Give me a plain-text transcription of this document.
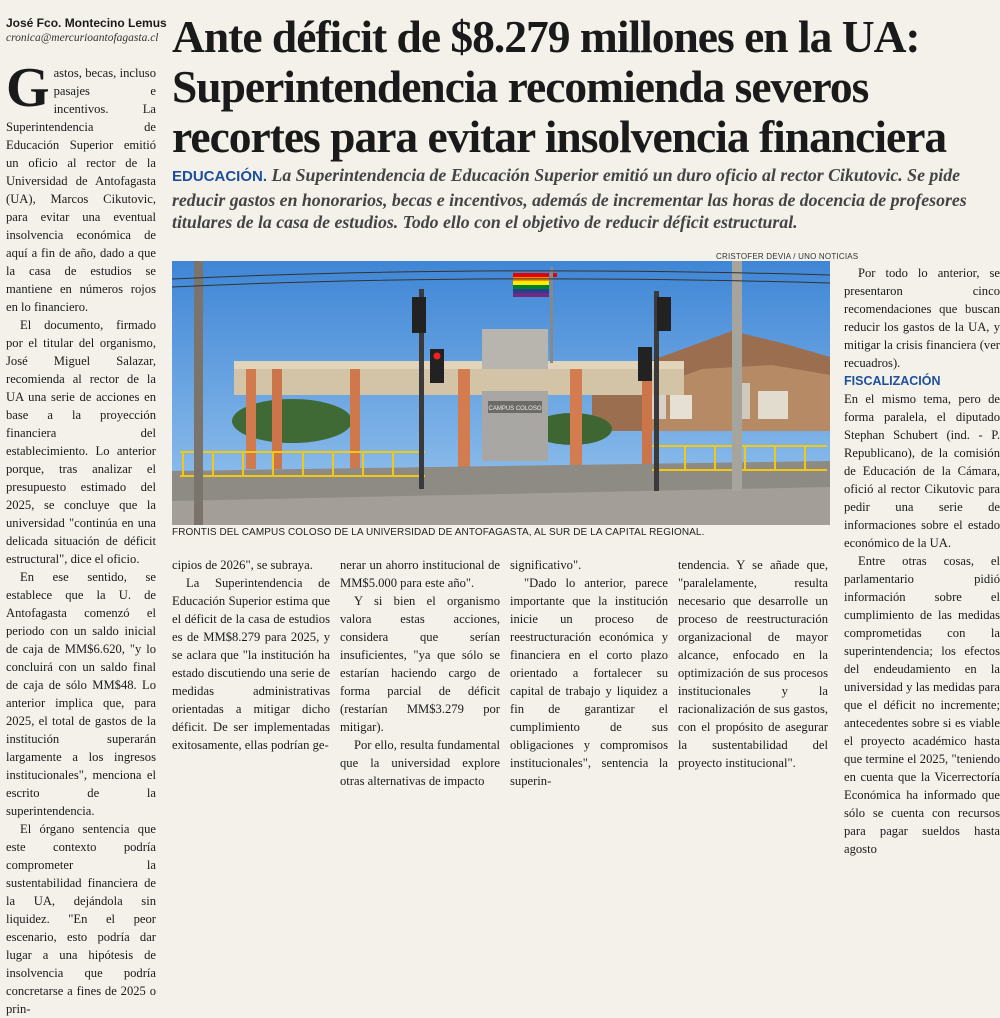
José Fco. Montecino Lemus
cronica@mercurioantofagasta.cl Ante déficit de $8.279 millones en la UA: Superintendencia recomienda severos recortes para evitar insolvencia financiera
EDUCACIÓN. La Superintendencia de Educación Superior emitió un duro oficio al rector Cikutovic. Se pide reducir gastos en honorarios, becas e incentivos, además de incrementar las horas de docencia de profesores titulares de la casa de estudios. Todo ello con el objetivo de reducir déficit estructural.
CRISTOFER DEVIA / UNO NOTICIAS
CAMPUS COLOSO
FRONTIS DEL CAMPUS COLOSO DE LA UNIVERSIDAD DE ANTOFAGASTA, AL SUR DE LA CAPITAL REGIONAL.
G astos, becas, incluso pasajes e incentivos. La Superintendencia de Educación Superior emitió un oficio al rector de la Universidad de Antofagasta (UA), Marcos Cikutovic, para evitar una eventual insolvencia económica de aquí a fin de año, dado a que la casa de estudios se mantiene en números rojos en lo financiero.

El documento, firmado por el titular del organismo, José Miguel Salazar, recomienda al rector de la UA una serie de acciones en base a la proyección financiera del establecimiento. Lo anterior porque, tras analizar el presupuesto estimado del 2025, se concluye que la universidad "continúa en una delicada situación de déficit estructural", dice el oficio.

En ese sentido, se establece que la U. de Antofagasta comenzó el periodo con un saldo inicial de caja de MM$6.620, "y lo concluirá con un saldo final de caja de sólo MM$48. Lo anterior implica que, para 2025, el total de gastos de la institución superarán largamente a los ingresos institucionales", menciona el escrito de la superintendencia.

El órgano sentencia que este contexto podría comprometer la sustentabilidad financiera de la UA, dejándola sin liquidez. "En el peor escenario, esto podría dar lugar a una hipótesis de insolvencia que podría concretarse a fines de 2025 o prin-

cipios de 2026", se subraya.

La Superintendencia de Educación Superior estima que el déficit de la casa de estudios es de MM$8.279 para 2025, y se aclara que "la institución ha estado discutiendo una serie de medidas administrativas orientadas a mitigar dicho déficit. De ser implementadas exitosamente, ellas podrían ge-

nerar un ahorro institucional de MM$5.000 para este año".

Y si bien el organismo valora estas acciones, considera que serían insuficientes, "ya que sólo se estarían haciendo cargo de forma parcial de déficit (restarían MM$3.279 por mitigar).

Por ello, resulta fundamental que la universidad explore otras alternativas de impacto

significativo".

"Dado lo anterior, parece importante que la institución inicie un proceso de reestructuración económica y financiera en el corto plazo orientado a fortalecer su capital de trabajo y liquidez a fin de garantizar el cumplimiento de sus obligaciones y compromisos institucionales", sentencia la superin-

tendencia. Y se añade que, "paralelamente, resulta necesario que desarrolle un proceso de reestructuración organizacional de mayor alcance, enfocado en la optimización de sus procesos institucionales y la racionalización de sus gastos, con el propósito de asegurar la sustentabilidad del proyecto institucional".

Por todo lo anterior, se presentaron cinco recomendaciones que buscan reducir los gastos de la UA, y mitigar la crisis financiera (ver recuadros).

FISCALIZACIÓN

En el mismo tema, pero de forma paralela, el diputado Stephan Schubert (ind. - P. Republicano), de la comisión de Educación de la Cámara, ofició al rector Cikutovic para pedir una serie de informaciones sobre el estado económico de la UA.

Entre otras cosas, el parlamentario pidió información sobre el cumplimiento de las medidas comprometidas con la superintendencia; los efectos del endeudamiento en la universidad y las medidas para que el déficit no incremente; antecedentes sobre si es viable el proyecto académico hasta que termine el 2025, "teniendo en cuenta que la Vicerrectoría Económica ha informado que sólo se cuenta con recursos para pagar sueldos hasta agosto
